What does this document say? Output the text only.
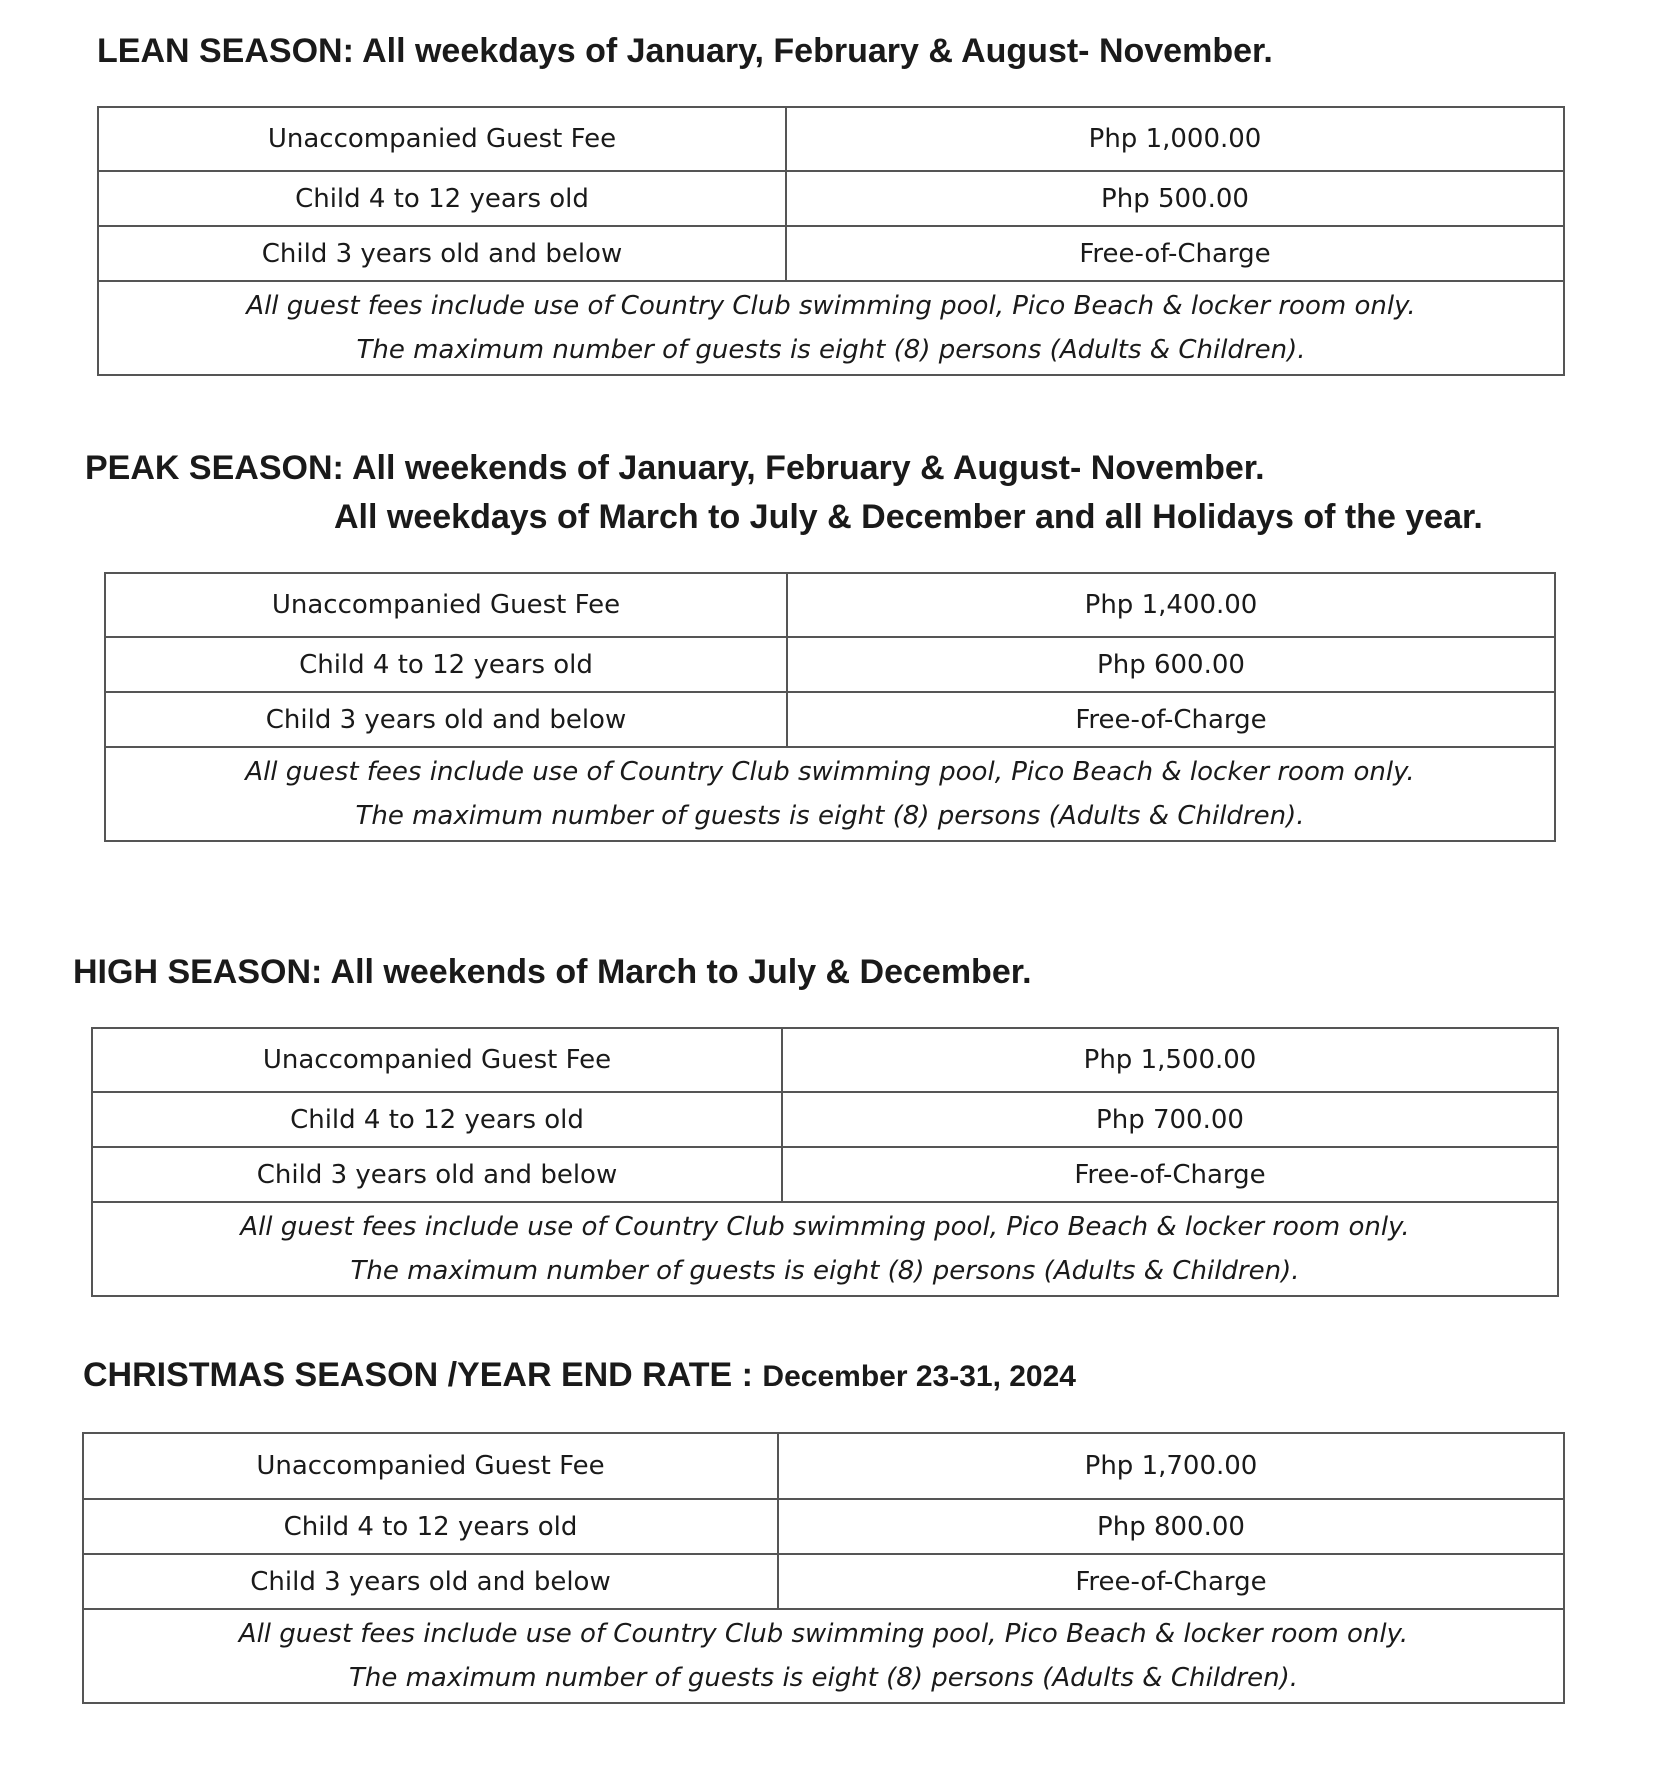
LEAN SEASON: All weekdays of January, February & August- November.
Unaccompanied Guest Fee	Php 1,000.00
Child 4 to 12 years old	Php 500.00
Child 3 years old and below	Free-of-Charge

All guest fees include use of Country Club swimming pool, Pico Beach & locker room only.
The maximum number of guests is eight (8) persons (Adults & Children).	
PEAK SEASON: All weekends of January, February & August- November.
All weekdays of March to July & December and all Holidays of the year.
Unaccompanied Guest Fee	Php 1,400.00
Child 4 to 12 years old	Php 600.00
Child 3 years old and below	Free-of-Charge

All guest fees include use of Country Club swimming pool, Pico Beach & locker room only.
The maximum number of guests is eight (8) persons (Adults & Children).	
HIGH SEASON: All weekends of March to July & December.
Unaccompanied Guest Fee	Php 1,500.00
Child 4 to 12 years old	Php 700.00
Child 3 years old and below	Free-of-Charge

All guest fees include use of Country Club swimming pool, Pico Beach & locker room only.
The maximum number of guests is eight (8) persons (Adults & Children).	
CHRISTMAS SEASON /YEAR END RATE : December 23-31, 2024
Unaccompanied Guest Fee	Php 1,700.00
Child 4 to 12 years old	Php 800.00
Child 3 years old and below	Free-of-Charge

All guest fees include use of Country Club swimming pool, Pico Beach & locker room only.
The maximum number of guests is eight (8) persons (Adults & Children).	
